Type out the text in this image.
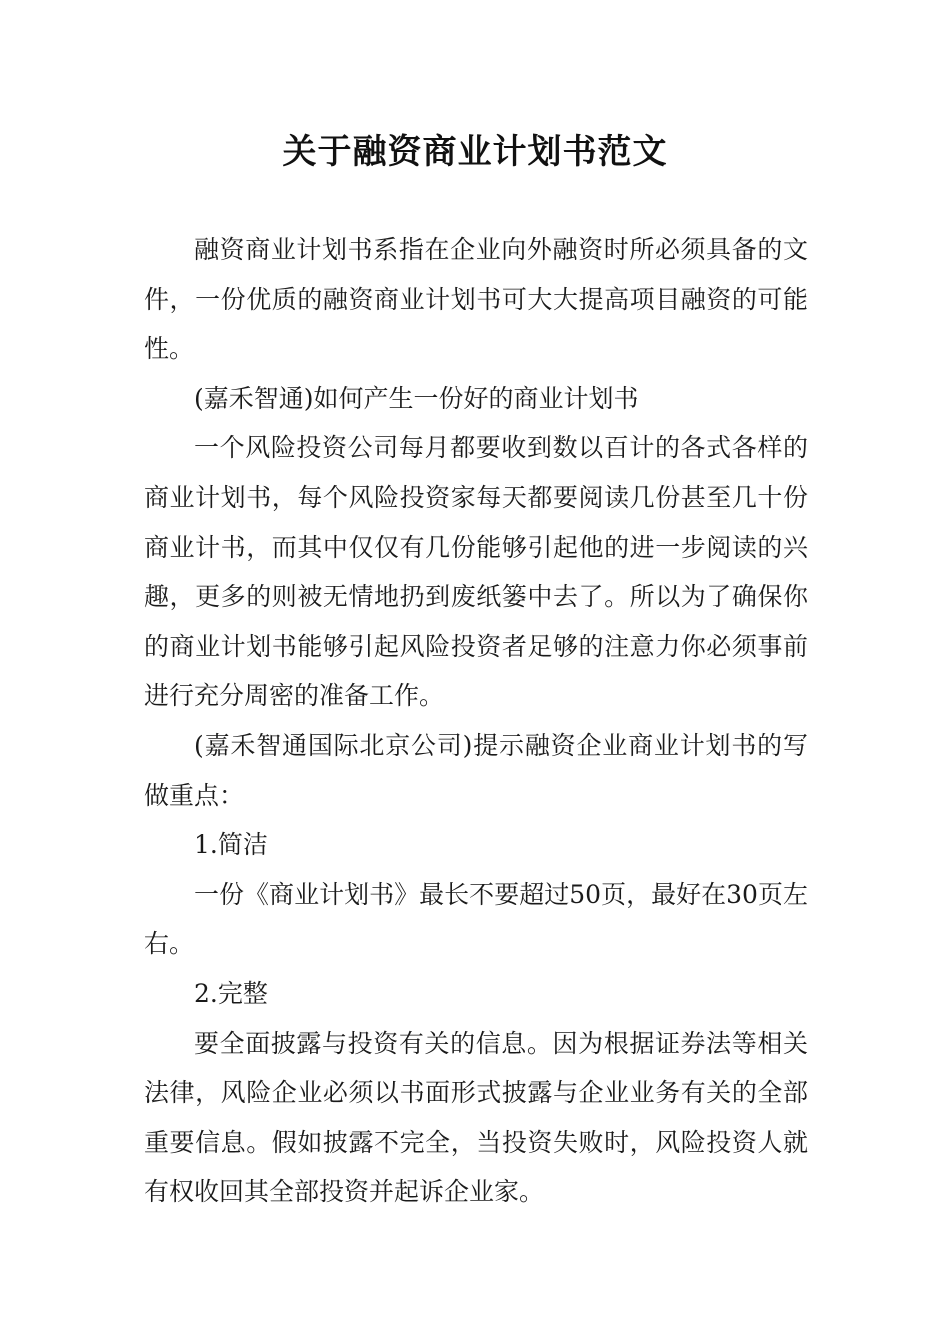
关于融资商业计划书范文

融资商业计划书系指在企业向外融资时所必须具备的文件，一份优质的融资商业计划书可大大提高项目融资的可能性。

(嘉禾智通)如何产生一份好的商业计划书

一个风险投资公司每月都要收到数以百计的各式各样的商业计划书，每个风险投资家每天都要阅读几份甚至几十份商业计书，而其中仅仅有几份能够引起他的进一步阅读的兴趣，更多的则被无情地扔到废纸篓中去了。所以为了确保你的商业计划书能够引起风险投资者足够的注意力你必须事前进行充分周密的准备工作。

(嘉禾智通国际北京公司)提示融资企业商业计划书的写做重点：

1.简洁

一份《商业计划书》最长不要超过50页，最好在30页左右。

2.完整

要全面披露与投资有关的信息。因为根据证券法等相关法律，风险企业必须以书面形式披露与企业业务有关的全部重要信息。假如披露不完全，当投资失败时，风险投资人就有权收回其全部投资并起诉企业家。
